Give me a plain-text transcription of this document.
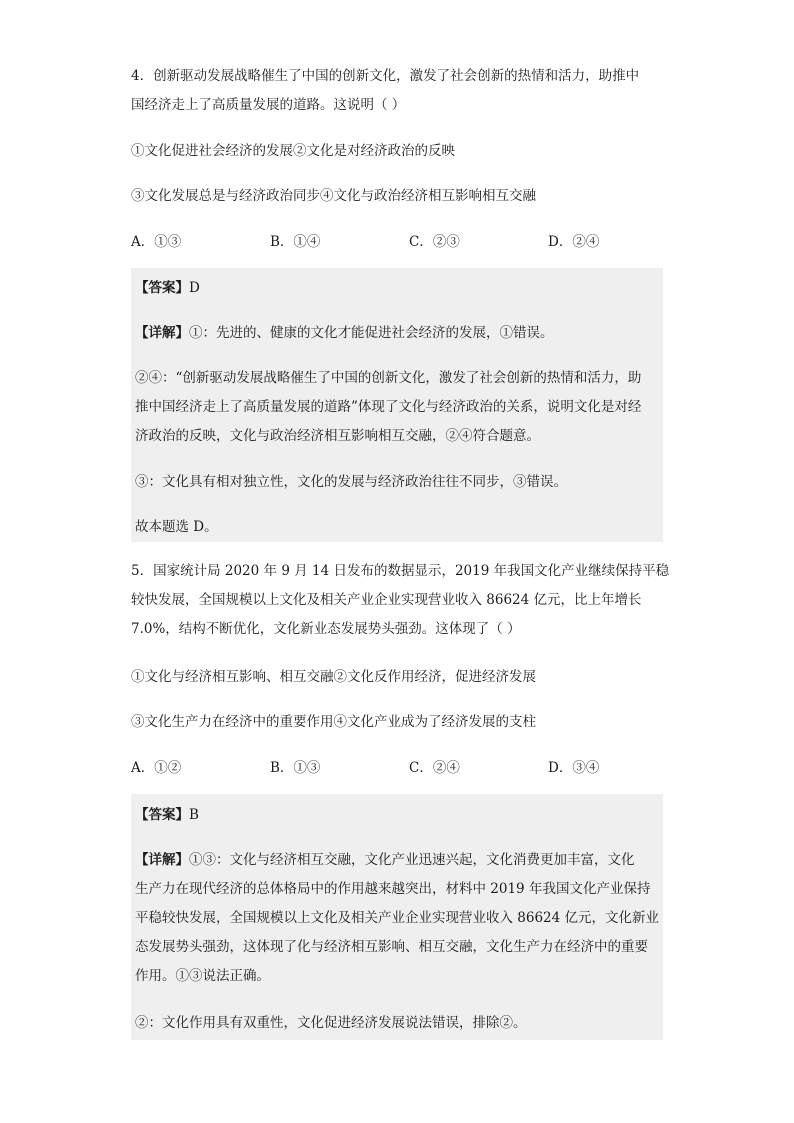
4．创新驱动发展战略催生了中国的创新文化，激发了社会创新的热情和活力，助推中
国经济走上了高质量发展的道路。这说明（ ）
①文化促进社会经济的发展②文化是对经济政治的反映
③文化发展总是与经济政治同步④文化与政治经济相互影响相互交融
A．①③	B．①④	C．②③	D．②④
【答案】D
【详解】①：先进的、健康的文化才能促进社会经济的发展，①错误。
②④：“创新驱动发展战略催生了中国的创新文化，激发了社会创新的热情和活力，助
推中国经济走上了高质量发展的道路”体现了文化与经济政治的关系，说明文化是对经
济政治的反映，文化与政治经济相互影响相互交融，②④符合题意。
③：文化具有相对独立性，文化的发展与经济政治往往不同步，③错误。
故本题选 D。
5．国家统计局 2020 年 9 月 14 日发布的数据显示，2019 年我国文化产业继续保持平稳
较快发展，全国规模以上文化及相关产业企业实现营业收入 86624 亿元，比上年增长
7.0%，结构不断优化，文化新业态发展势头强劲。这体现了（ ）
①文化与经济相互影响、相互交融②文化反作用经济，促进经济发展
③文化生产力在经济中的重要作用④文化产业成为了经济发展的支柱
A．①②	B．①③	C．②④	D．③④
【答案】B
【详解】①③：文化与经济相互交融，文化产业迅速兴起，文化消费更加丰富，文化
生产力在现代经济的总体格局中的作用越来越突出，材料中 2019 年我国文化产业保持
平稳较快发展，全国规模以上文化及相关产业企业实现营业收入 86624 亿元，文化新业
态发展势头强劲，这体现了化与经济相互影响、相互交融，文化生产力在经济中的重要
作用。①③说法正确。
②：文化作用具有双重性，文化促进经济发展说法错误，排除②。
